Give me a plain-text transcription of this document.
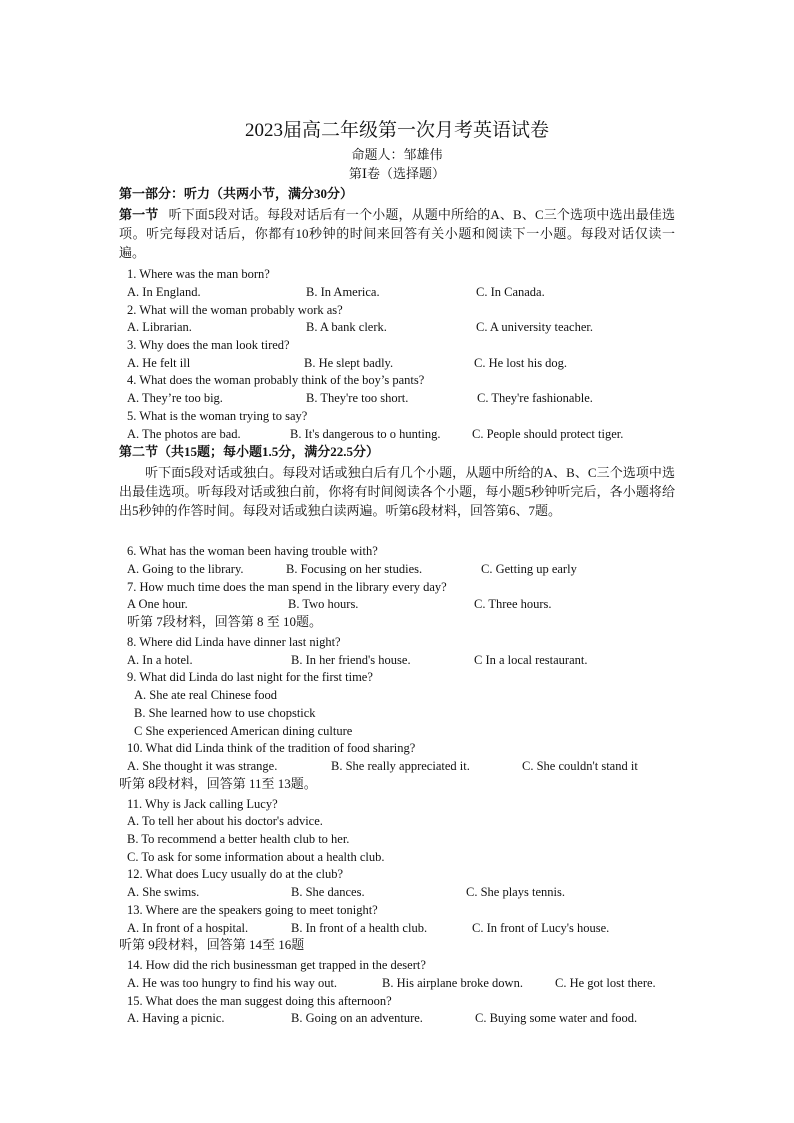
2023届高二年级第一次月考英语试卷
命题人：邹雄伟
第Ⅰ卷（选择题）
第一部分：听力（共两小节，满分30分）
第一节 听下面5段对话。每段对话后有一个小题，从题中所给的A、B、C三个选项中选出最佳选项。听完每段对话后，你都有10秒钟的时间来回答有关小题和阅读下一小题。每段对话仅读一遍。
1. Where was the man born?
A. In England.	B. In America.	C. In Canada.
2. What will the woman probably work as?
A. Librarian.	B. A bank clerk.	C. A university teacher.
3. Why does the man look tired?
A. He felt ill	B. He slept badly.	C. He lost his dog.
4. What does the woman probably think of the boy’s pants?
A. They’re too big.	B. They're too short.	C. They're fashionable.
5. What is the woman trying to say?
A. The photos are bad.	B. It's dangerous to o hunting.	C. People should protect tiger.
第二节（共15题；每小题1.5分，满分22.5分）
听下面5段对话或独白。每段对话或独白后有几个小题，从题中所给的A、B、C三个选项中选出最佳选项。听每段对话或独白前，你将有时间阅读各个小题，每小题5秒钟听完后，各小题将给出5秒钟的作答时间。每段对话或独白读两遍。听第6段材料，回答第6、7题。
6. What has the woman been having trouble with?
A. Going to the library.	B. Focusing on her studies.	C. Getting up early
7. How much time does the man spend in the library every day?
A One hour.	B. Two hours.	C. Three hours.
听第 7段材料，回答第 8 至 10题。
8. Where did Linda have dinner last night?
A. In a hotel.	B. In her friend's house.	C In a local restaurant.
9. What did Linda do last night for the first time?
A. She ate real Chinese food
B. She learned how to use chopstick
C She experienced American dining culture
10. What did Linda think of the tradition of food sharing?
A. She thought it was strange.	B. She really appreciated it.	C. She couldn't stand it
听第 8段材料，回答第 11至 13题。
11. Why is Jack calling Lucy?
A. To tell her about his doctor's advice.
B. To recommend a better health club to her.
C. To ask for some information about a health club.
12. What does Lucy usually do at the club?
A. She swims.	B. She dances.	C. She plays tennis.
13. Where are the speakers going to meet tonight?
A. In front of a hospital.	B. In front of a health club.	C. In front of Lucy's house.
听第 9段材料，回答第 14至 16题
14. How did the rich businessman get trapped in the desert?
A. He was too hungry to find his way out.	B. His airplane broke down.	C. He got lost there.
15. What does the man suggest doing this afternoon?
A. Having a picnic.	B. Going on an adventure.	C. Buying some water and food.
